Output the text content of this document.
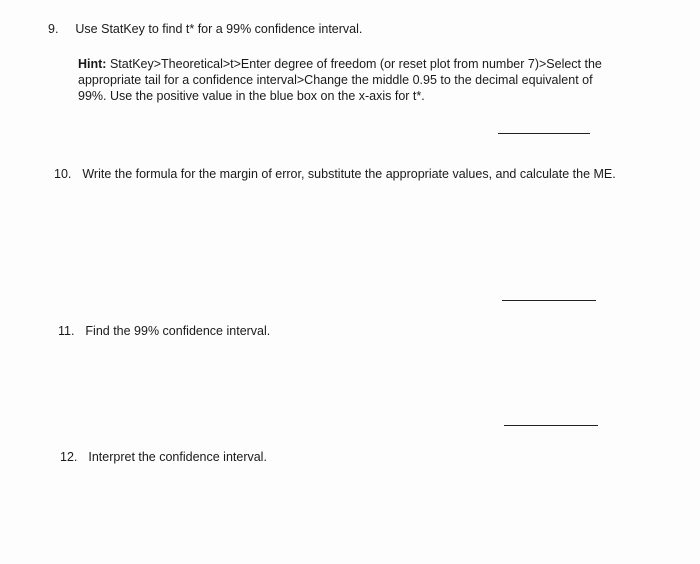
9. Use StatKey to find t* for a 99% confidence interval.
Hint: StatKey>Theoretical>t>Enter degree of freedom (or reset plot from number 7)>Select the
appropriate tail for a confidence interval>Change the middle 0.95 to the decimal equivalent of
99%. Use the positive value in the blue box on the x-axis for t*.
10. Write the formula for the margin of error, substitute the appropriate values, and calculate the ME.
11. Find the 99% confidence interval.
12. Interpret the confidence interval.
